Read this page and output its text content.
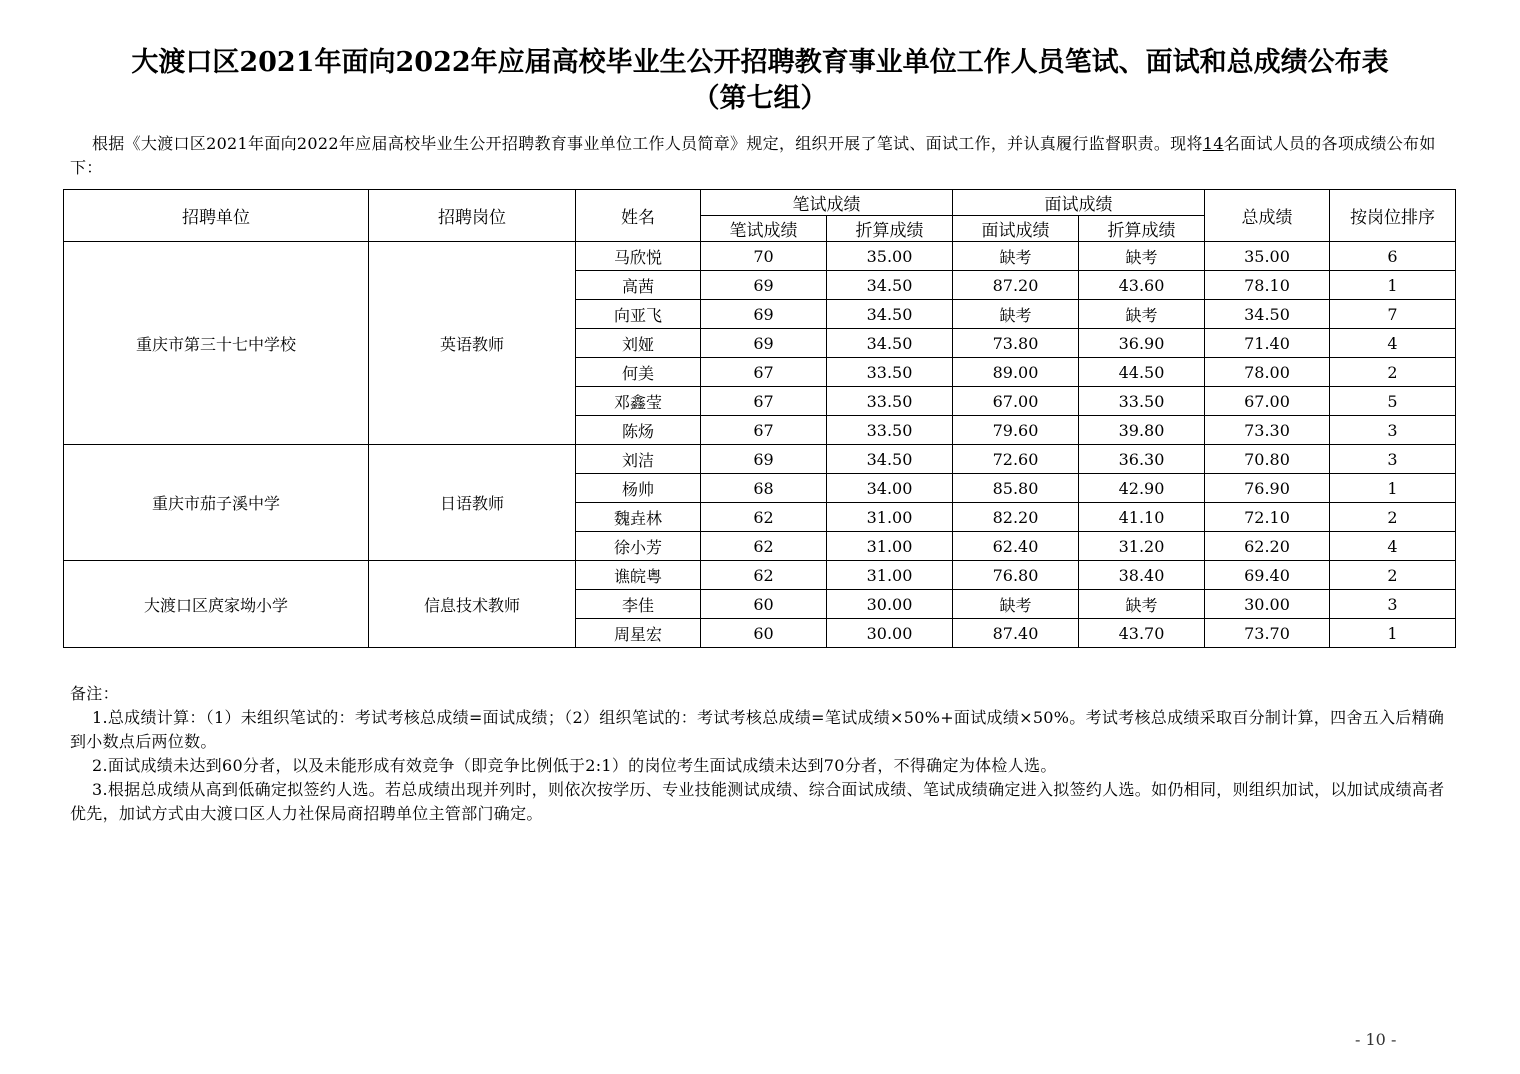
大渡口区2021年面向2022年应届高校毕业生公开招聘教育事业单位工作人员笔试、面试和总成绩公布表
（第七组）
根据《大渡口区2021年面向2022年应届高校毕业生公开招聘教育事业单位工作人员简章》规定，组织开展了笔试、面试工作，并认真履行监督职责。现将14名面试人员的各项成绩公布如下：
招聘单位	招聘岗位	姓名	笔试成绩		面试成绩		总成绩	按岗位排序
			笔试成绩	折算成绩	面试成绩	折算成绩		
重庆市第三十七中学校	英语教师	马欣悦	70	35.00	缺考	缺考	35.00	6
		高茜	69	34.50	87.20	43.60	78.10	1
		向亚飞	69	34.50	缺考	缺考	34.50	7
		刘娅	69	34.50	73.80	36.90	71.40	4
		何美	67	33.50	89.00	44.50	78.00	2
		邓鑫莹	67	33.50	67.00	33.50	67.00	5
		陈炀	67	33.50	79.60	39.80	73.30	3
重庆市茄子溪中学	日语教师	刘洁	69	34.50	72.60	36.30	70.80	3
		杨帅	68	34.00	85.80	42.90	76.90	1
		魏垚林	62	31.00	82.20	41.10	72.10	2
		徐小芳	62	31.00	62.40	31.20	62.20	4
大渡口区庹家坳小学	信息技术教师	谯皖粤	62	31.00	76.80	38.40	69.40	2
		李佳	60	30.00	缺考	缺考	30.00	3
		周星宏	60	30.00	87.40	43.70	73.70	1

备注：

1.总成绩计算：（1）未组织笔试的：考试考核总成绩=面试成绩；（2）组织笔试的：考试考核总成绩=笔试成绩×50%+面试成绩×50%。考试考核总成绩采取百分制计算，四舍五入后精确到小数点后两位数。

2.面试成绩未达到60分者，以及未能形成有效竞争（即竞争比例低于2:1）的岗位考生面试成绩未达到70分者，不得确定为体检人选。

3.根据总成绩从高到低确定拟签约人选。若总成绩出现并列时，则依次按学历、专业技能测试成绩、综合面试成绩、笔试成绩确定进入拟签约人选。如仍相同，则组织加试，以加试成绩高者优先，加试方式由大渡口区人力社保局商招聘单位主管部门确定。

- 10 -
